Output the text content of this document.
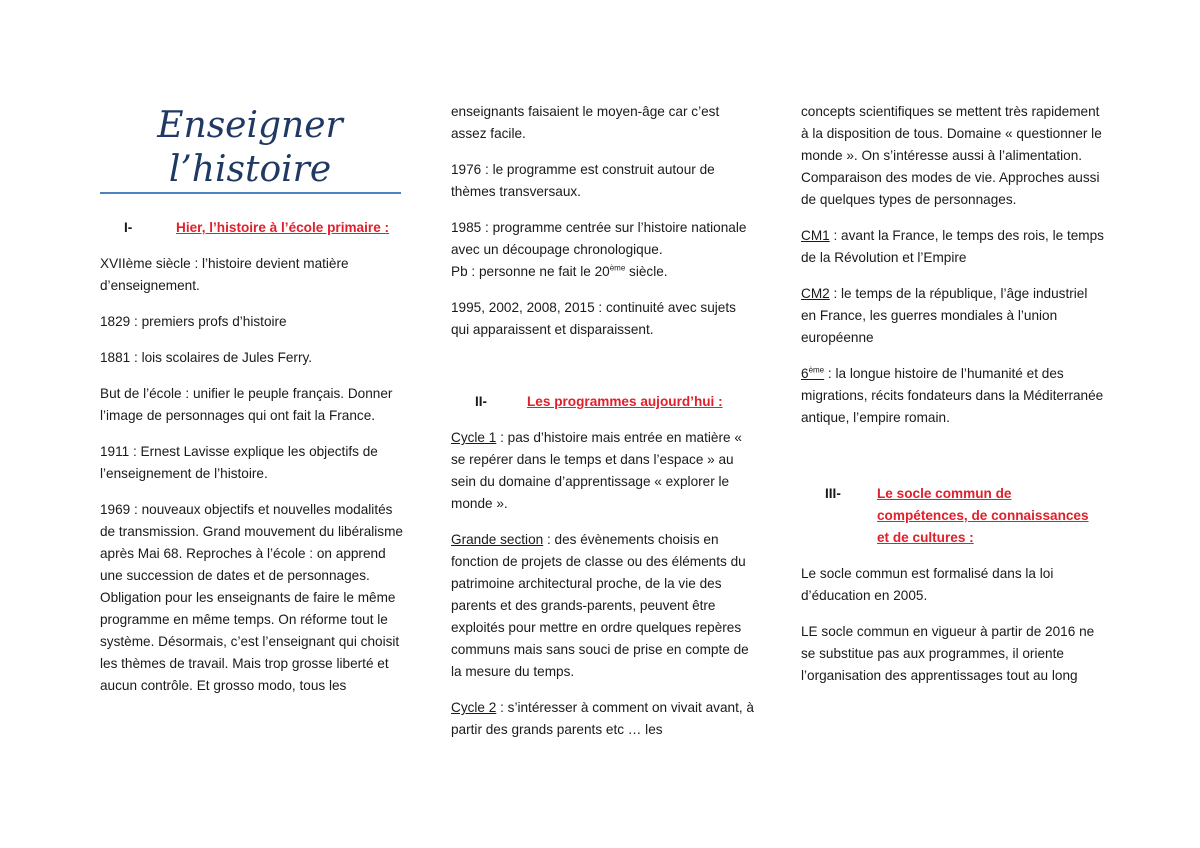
Enseigner
l’histoire
I-	Hier, l’histoire à l’école primaire :

XVIIème siècle : l’histoire devient matière d’enseignement.

1829 : premiers profs d’histoire

1881 : lois scolaires de Jules Ferry.

But de l’école : unifier le peuple français. Donner l’image de personnages qui ont fait la France.

1911 : Ernest Lavisse explique les objectifs de l’enseignement de l’histoire.

1969 : nouveaux objectifs et nouvelles modalités de transmission. Grand mouvement du libéralisme après Mai 68. Reproches à l’école : on apprend une succession de dates et de personnages. Obligation pour les enseignants de faire le même programme en même temps. On réforme tout le système. Désormais, c’est l’enseignant qui choisit les thèmes de travail. Mais trop grosse liberté et aucun contrôle. Et grosso modo, tous les

enseignants faisaient le moyen-âge car c’est assez facile.

1976 : le programme est construit autour de thèmes transversaux.

1985 : programme centrée sur l’histoire nationale avec un découpage chronologique.
Pb : personne ne fait le 20ème siècle.

1995, 2002, 2008, 2015 : continuité avec sujets qui apparaissent et disparaissent.

II-	Les programmes aujourd’hui :

Cycle 1 : pas d’histoire mais entrée en matière « se repérer dans le temps et dans l’espace » au sein du domaine d’apprentissage « explorer le monde ».

Grande section : des évènements choisis en fonction de projets de classe ou des éléments du patrimoine architectural proche, de la vie des parents et des grands-parents, peuvent être exploités pour mettre en ordre quelques repères communs mais sans souci de prise en compte de la mesure du temps.

Cycle 2 : s’intéresser à comment on vivait avant, à partir des grands parents etc … les

concepts scientifiques se mettent très rapidement à la disposition de tous. Domaine « questionner le monde ». On s’intéresse aussi à l’alimentation. Comparaison des modes de vie. Approches aussi de quelques types de personnages.

CM1 : avant la France, le temps des rois, le temps de la Révolution et l’Empire

CM2 : le temps de la république, l’âge industriel en France, les guerres mondiales à l’union européenne

6ème : la longue histoire de l’humanité et des migrations, récits fondateurs dans la Méditerranée antique, l’empire romain.

III-	Le socle commun de
compétences, de connaissances
et de cultures :

Le socle commun est formalisé dans la loi d’éducation en 2005.

LE socle commun en vigueur à partir de 2016 ne se substitue pas aux programmes, il oriente l’organisation des apprentissages tout au long
